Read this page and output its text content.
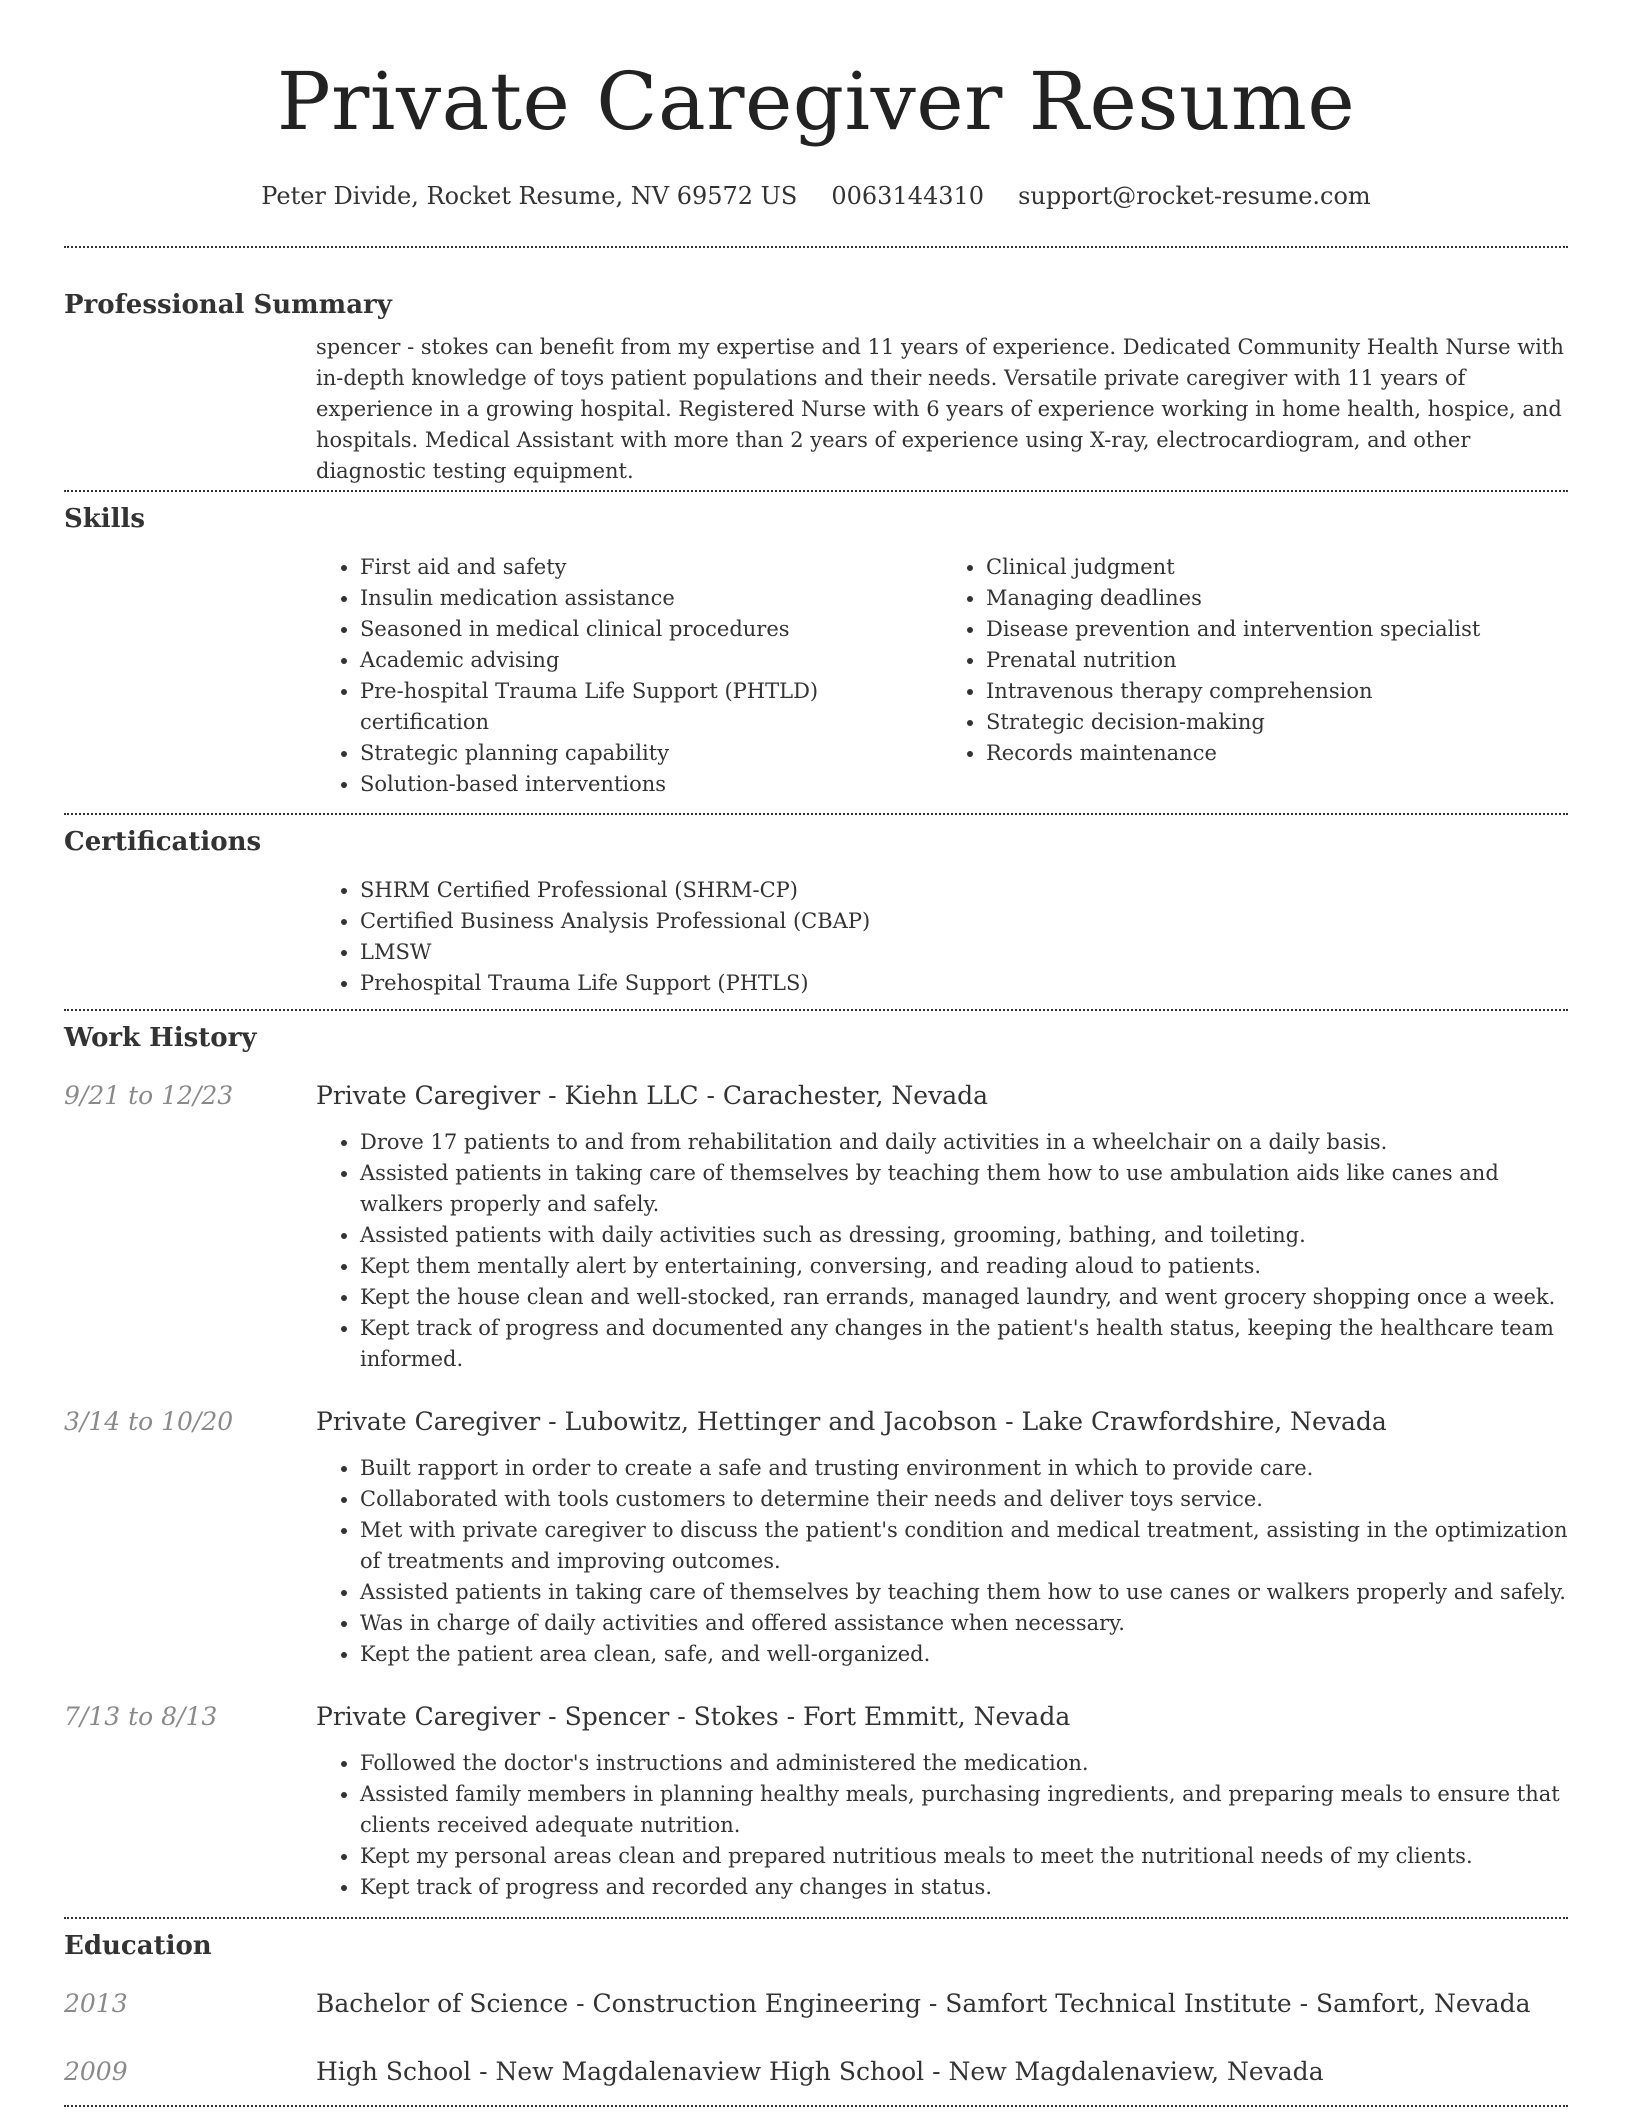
Private Caregiver Resume
Peter Divide, Rocket Resume, NV 69572 US 0063144310 support@rocket-resume.com
Professional Summary

spencer - stokes can benefit from my expertise and 11 years of experience. Dedicated Community Health Nurse with in-depth knowledge of toys patient populations and their needs. Versatile private caregiver with 11 years of experience in a growing hospital. Registered Nurse with 6 years of experience working in home health, hospice, and hospitals. Medical Assistant with more than 2 years of experience using X-ray, electrocardiogram, and other diagnostic testing equipment.

Skills
• First aid and safety
• Insulin medication assistance
• Seasoned in medical clinical procedures
• Academic advising
• Pre-hospital Trauma Life Support (PHTLD) certification
• Strategic planning capability
• Solution-based interventions
• Clinical judgment
• Managing deadlines
• Disease prevention and intervention specialist
• Prenatal nutrition
• Intravenous therapy comprehension
• Strategic decision-making
• Records maintenance
Certifications
• SHRM Certified Professional (SHRM-CP)
• Certified Business Analysis Professional (CBAP)
• LMSW
• Prehospital Trauma Life Support (PHTLS)
Work History
9/21 to 12/23	Private Caregiver - Kiehn LLC - Carachester, Nevada
• Drove 17 patients to and from rehabilitation and daily activities in a wheelchair on a daily basis.
• Assisted patients in taking care of themselves by teaching them how to use ambulation aids like canes and walkers properly and safely.
• Assisted patients with daily activities such as dressing, grooming, bathing, and toileting.
• Kept them mentally alert by entertaining, conversing, and reading aloud to patients.
• Kept the house clean and well-stocked, ran errands, managed laundry, and went grocery shopping once a week.
• Kept track of progress and documented any changes in the patient's health status, keeping the healthcare team informed.
3/14 to 10/20	Private Caregiver - Lubowitz, Hettinger and Jacobson - Lake Crawfordshire, Nevada
• Built rapport in order to create a safe and trusting environment in which to provide care.
• Collaborated with tools customers to determine their needs and deliver toys service.
• Met with private caregiver to discuss the patient's condition and medical treatment, assisting in the optimization of treatments and improving outcomes.
• Assisted patients in taking care of themselves by teaching them how to use canes or walkers properly and safely.
• Was in charge of daily activities and offered assistance when necessary.
• Kept the patient area clean, safe, and well-organized.
7/13 to 8/13	Private Caregiver - Spencer - Stokes - Fort Emmitt, Nevada
• Followed the doctor's instructions and administered the medication.
• Assisted family members in planning healthy meals, purchasing ingredients, and preparing meals to ensure that clients received adequate nutrition.
• Kept my personal areas clean and prepared nutritious meals to meet the nutritional needs of my clients.
• Kept track of progress and recorded any changes in status.
Education
2013	Bachelor of Science - Construction Engineering - Samfort Technical Institute - Samfort, Nevada
2009	High School - New Magdalenaview High School - New Magdalenaview, Nevada
